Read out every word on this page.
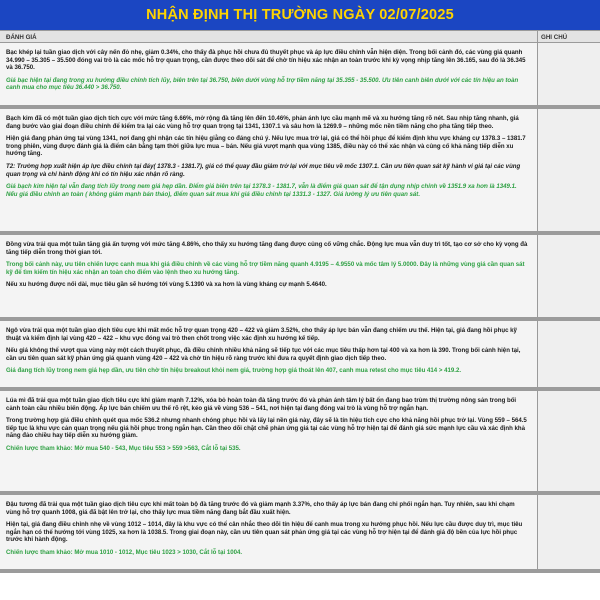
NHẬN ĐỊNH THỊ TRƯỜNG NGÀY 02/07/2025
ĐÁNH GIÁ	GHI CHÚ

Bạc khép lại tuần giao dịch với cây nến đỏ nhẹ, giảm 0.34%, cho thấy đà phục hồi chưa đủ thuyết phục và áp lực điều chỉnh vẫn hiện diện. Trong bối cảnh đó, các vùng giá quanh 34.990 – 35.305 – 35.500 đóng vai trò là các mốc hỗ trợ quan trọng, cần được theo dõi sát để chờ tín hiệu xác nhận an toàn trước khi kỳ vọng nhịp tăng lên 36.165, sau đó là 36.345 và 36.750.

Giá bạc hiện tại đang trong xu hướng điều chỉnh tích lũy, biên trên tại 36.750, biên dưới vùng hỗ trợ tiềm năng tại 35.355 - 35.500. Ưu tiên canh biên dưới với các tín hiệu an toàn canh mua cho mục tiêu 36.440 > 36.750.

Bạch kim đã có một tuần giao dịch tích cực với mức tăng 6.66%, mở rộng đà tăng lên đến 10.46%, phản ánh lực cầu mạnh mẽ và xu hướng tăng rõ nét. Sau nhịp tăng nhanh, giá đang bước vào giai đoạn điều chỉnh để kiểm tra lại các vùng hỗ trợ quan trọng tại 1341, 1307.1 và sâu hơn là 1269.9 – những mốc nền tiềm năng cho pha tăng tiếp theo.

Hiện giá đang phản ứng tại vùng 1341, nơi đang ghi nhận các tín hiệu giằng co đáng chú ý. Nếu lực mua trở lại, giá có thể hồi phục để kiểm định khu vực kháng cự 1378.3 – 1381.7 trong phiên, vùng được đánh giá là điểm cân bằng tạm thời giữa lực mua – bán. Nếu giá vượt mạnh qua vùng 1385, điều này có thể xác nhận và củng cố khả năng tiếp diễn xu hướng tăng.

T2: Trường hợp xuất hiện áp lực điều chỉnh tại đáy( 1378.3 - 1381.7), giá có thể quay đầu giảm trở lại với mục tiêu về mốc 1307.1. Cần ưu tiên quan sát kỹ hành vi giá tại các vùng quan trọng và chỉ hành động khi có tín hiệu xác nhận rõ ràng.

Giá bạch kim hiện tại vẫn đang tích lũy trong nem giá hẹp dần. Điểm giá biên trên tại 1378.3 - 1381.7, vẫn là điểm giá quan sát để tận dụng nhịp chỉnh về 1351.9 xa hơn là 1349.1. Nếu giá điều chỉnh an toàn ( không giảm mạnh bán tháo), điểm quan sát mua khi giá điều chỉnh tại 1331.3 - 1327. Giá lường lý ưu tiên quan sát.

Đồng vừa trải qua một tuần tăng giá ấn tượng với mức tăng 4.86%, cho thấy xu hướng tăng đang được củng cố vững chắc. Động lực mua vẫn duy trì tốt, tạo cơ sở cho kỳ vọng đà tăng tiếp diễn trong thời gian tới.

Trong bối cảnh này, ưu tiên chiến lược canh mua khi giá điều chỉnh về các vùng hỗ trợ tiềm năng quanh 4.9195 – 4.9550 và mốc tâm lý 5.0000. Đây là những vùng giá cần quan sát kỹ để tìm kiếm tín hiệu xác nhận an toàn cho điểm vào lệnh theo xu hướng tăng.

Nếu xu hướng được nối dài, mục tiêu gần sẽ hướng tới vùng 5.1390 và xa hơn là vùng kháng cự mạnh 5.4640.

Ngô vừa trải qua một tuần giao dịch tiêu cực khi mất mốc hỗ trợ quan trọng 420 – 422 và giảm 3.52%, cho thấy áp lực bán vẫn đang chiếm ưu thế. Hiện tại, giá đang hồi phục kỹ thuật và kiểm định lại vùng 420 – 422 – khu vực đóng vai trò then chốt trong việc xác định xu hướng kế tiếp.

Nếu giá không thể vượt qua vùng này một cách thuyết phục, đà điều chỉnh nhiều khả năng sẽ tiếp tục với các mục tiêu thấp hơn tại 400 và xa hơn là 390. Trong bối cảnh hiện tại, cần ưu tiên quan sát kỹ phản ứng giá quanh vùng 420 – 422 và chờ tín hiệu rõ ràng trước khi đưa ra quyết định giao dịch tiếp theo.

Giá đang tích lũy trong nem giá hẹp dần, ưu tiên chờ tín hiệu breakout khỏi nem giá, trường hợp giá thoát lên 407, canh mua retest cho mục tiêu 414 > 419.2.

Lúa mì đã trải qua một tuần giao dịch tiêu cực khi giảm mạnh 7.12%, xóa bỏ hoàn toàn đà tăng trước đó và phản ánh tâm lý bất ổn đang bao trùm thị trường nông sản trong bối cảnh toàn cầu nhiều biến động. Áp lực bán chiếm ưu thế rõ rệt, kéo giá về vùng 536 – 541, nơi hiện tại đang đóng vai trò là vùng hỗ trợ ngắn hạn.

Trong trường hợp giá điều chỉnh quét qua mốc 536.2 nhưng nhanh chóng phục hồi và lấy lại nền giá này, đây sẽ là tín hiệu tích cực cho khả năng hồi phục trở lại. Vùng 559 – 564.5 tiếp tục là khu vực cản quan trọng nếu giá hồi phục trong ngắn hạn. Cần theo dõi chặt chẽ phản ứng giá tại các vùng hỗ trợ hiện tại để đánh giá sức mạnh lực cầu và xác định khả năng đảo chiều hay tiếp diễn xu hướng giảm.

Chiến lược tham khảo: Mở mua 540 - 543, Mục tiêu 553 > 559 >563, Cắt lỗ tại 535.

Đậu tương đã trải qua một tuần giao dịch tiêu cực khi mất toàn bộ đà tăng trước đó và giảm mạnh 3.37%, cho thấy áp lực bán đang chi phối ngắn hạn. Tuy nhiên, sau khi chạm vùng hỗ trợ quanh 1008, giá đã bật lên trở lại, cho thấy lực mua tiềm năng đang bắt đầu xuất hiện.

Hiện tại, giá đang điều chỉnh nhẹ về vùng 1012 – 1014, đây là khu vực có thể cân nhắc theo dõi tín hiệu để canh mua trong xu hướng phục hồi. Nếu lực cầu được duy trì, mục tiêu ngắn hạn có thể hướng tới vùng 1025, xa hơn là 1038.5. Trong giai đoạn này, cần ưu tiên quan sát phản ứng giá tại các vùng hỗ trợ hiện tại để đánh giá độ bền của lực hồi phục trước khi hành động.

Chiến lược tham khảo: Mở mua 1010 - 1012, Mục tiêu 1023 > 1030, Cắt lỗ tại 1004.
